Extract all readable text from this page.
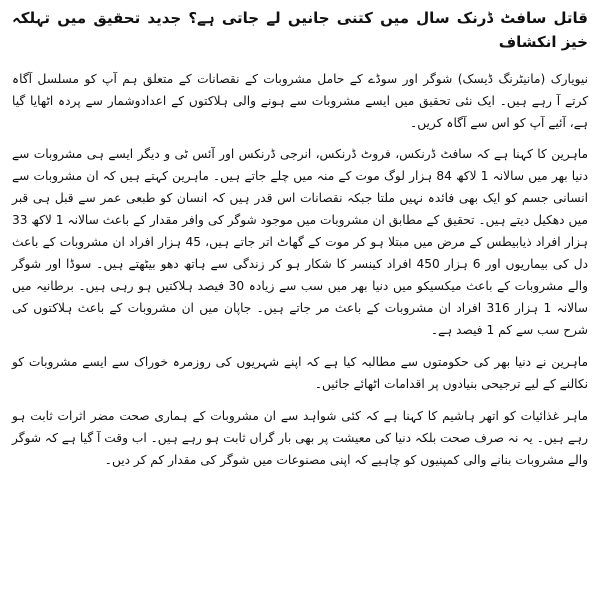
قاتل سافٹ ڈرنک سال میں کتنی جانیں لے جاتی ہے؟ جدید تحقیق میں تہلکہ خیز انکشاف

نیویارک (مانیٹرنگ ڈیسک) شوگر اور سوڈے کے حامل مشروبات کے نقصانات کے متعلق ہم آپ کو مسلسل آگاہ کرتے آ رہے ہیں۔ ایک نئی تحقیق میں ایسے مشروبات سے ہونے والی ہلاکتوں کے اعدادوشمار سے پردہ اٹھایا گیا ہے، آئیے آپ کو اس سے آگاہ کریں۔

ماہرین کا کہنا ہے کہ سافٹ ڈرنکس، فروٹ ڈرنکس، انرجی ڈرنکس اور آئس ٹی و دیگر ایسے ہی مشروبات سے دنیا بھر میں سالانہ 1 لاکھ 84 ہزار لوگ موت کے منہ میں چلے جاتے ہیں۔ ماہرین کہتے ہیں کہ ان مشروبات سے انسانی جسم کو ایک بھی فائدہ نہیں ملتا جبکہ نقصانات اس قدر ہیں کہ انسان کو طبعی عمر سے قبل ہی قبر میں دھکیل دیتے ہیں۔ تحقیق کے مطابق ان مشروبات میں موجود شوگر کی وافر مقدار کے باعث سالانہ 1 لاکھ 33 ہزار افراد ذیابیطس کے مرض میں مبتلا ہو کر موت کے گھاٹ اتر جاتے ہیں، 45 ہزار افراد ان مشروبات کے باعث دل کی بیماریوں اور 6 ہزار 450 افراد کینسر کا شکار ہو کر زندگی سے ہاتھ دھو بیٹھتے ہیں۔ سوڈا اور شوگر والے مشروبات کے باعث میکسیکو میں دنیا بھر میں سب سے زیادہ 30 فیصد ہلاکتیں ہو رہی ہیں۔ برطانیہ میں سالانہ 1 ہزار 316 افراد ان مشروبات کے باعث مر جاتے ہیں۔ جاپان میں ان مشروبات کے باعث ہلاکتوں کی شرح سب سے کم 1 فیصد ہے۔

ماہرین نے دنیا بھر کی حکومتوں سے مطالبہ کیا ہے کہ اپنے شہریوں کی روزمرہ خوراک سے ایسے مشروبات کو نکالنے کے لیے ترجیحی بنیادوں پر اقدامات اٹھائے جائیں۔

ماہر غذائیات کو اتھر ہاشیم کا کہنا ہے کہ کئی شواہد سے ان مشروبات کے ہماری صحت مضر اثرات ثابت ہو رہے ہیں۔ یہ نہ صرف صحت بلکہ دنیا کی معیشت پر بھی بار گراں ثابت ہو رہے ہیں۔ اب وقت آ گیا ہے کہ شوگر والے مشروبات بنانے والی کمپنیوں کو چاہیے کہ اپنی مصنوعات میں شوگر کی مقدار کم کر دیں۔
